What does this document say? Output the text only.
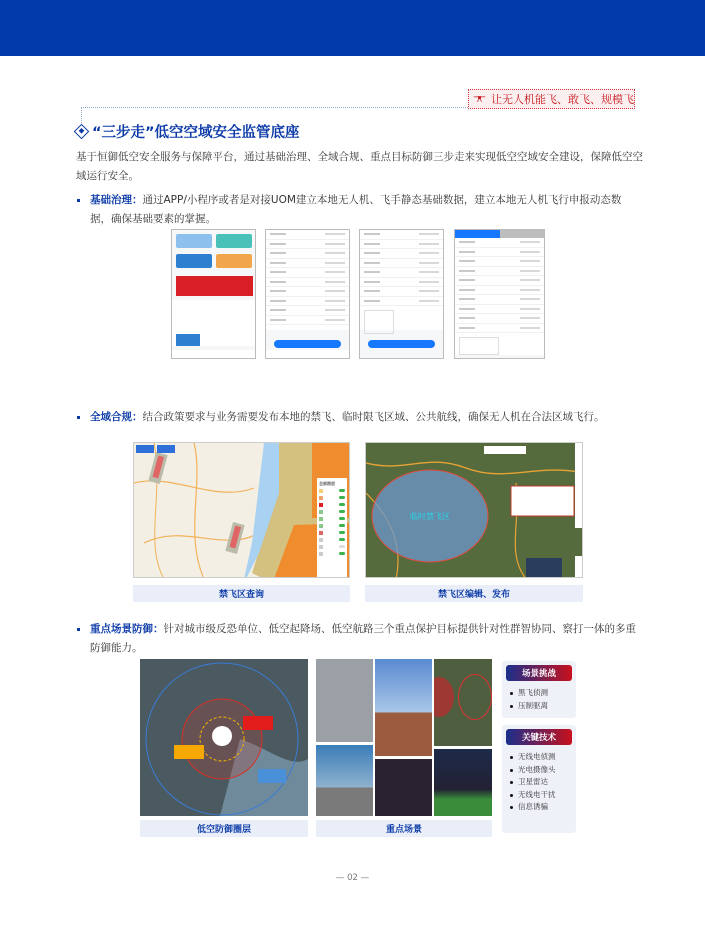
让无人机能飞、敢飞、规模飞
“三步走”低空空域安全监管底座

基于恒御低空安全服务与保障平台，通过基础治理、全域合规、重点目标防御三步走来实现低空空域安全建设，保障低空空域运行安全。

基础治理：通过APP/小程序或者是对接UOM建立本地无人机、飞手静态基础数据，建立本地无人机飞行申报动态数据，确保基础要素的掌握。
全域合规：结合政策要求与业务需要发布本地的禁飞、临时限飞区域、公共航线，确保无人机在合法区域飞行。
全部图层
禁飞区查询
临时禁飞区
禁飞区编辑、发布
重点场景防御：针对城市级反恐单位、低空起降场、低空航路三个重点保护目标提供针对性群智协同、察打一体的多重防御能力。
低空防御圈层	重点场景
场景挑战
黑飞侦测
压制驱离
关键技术
无线电侦测
光电摄像头
卫星雷达
无线电干扰
信息诱骗
— 02 —
